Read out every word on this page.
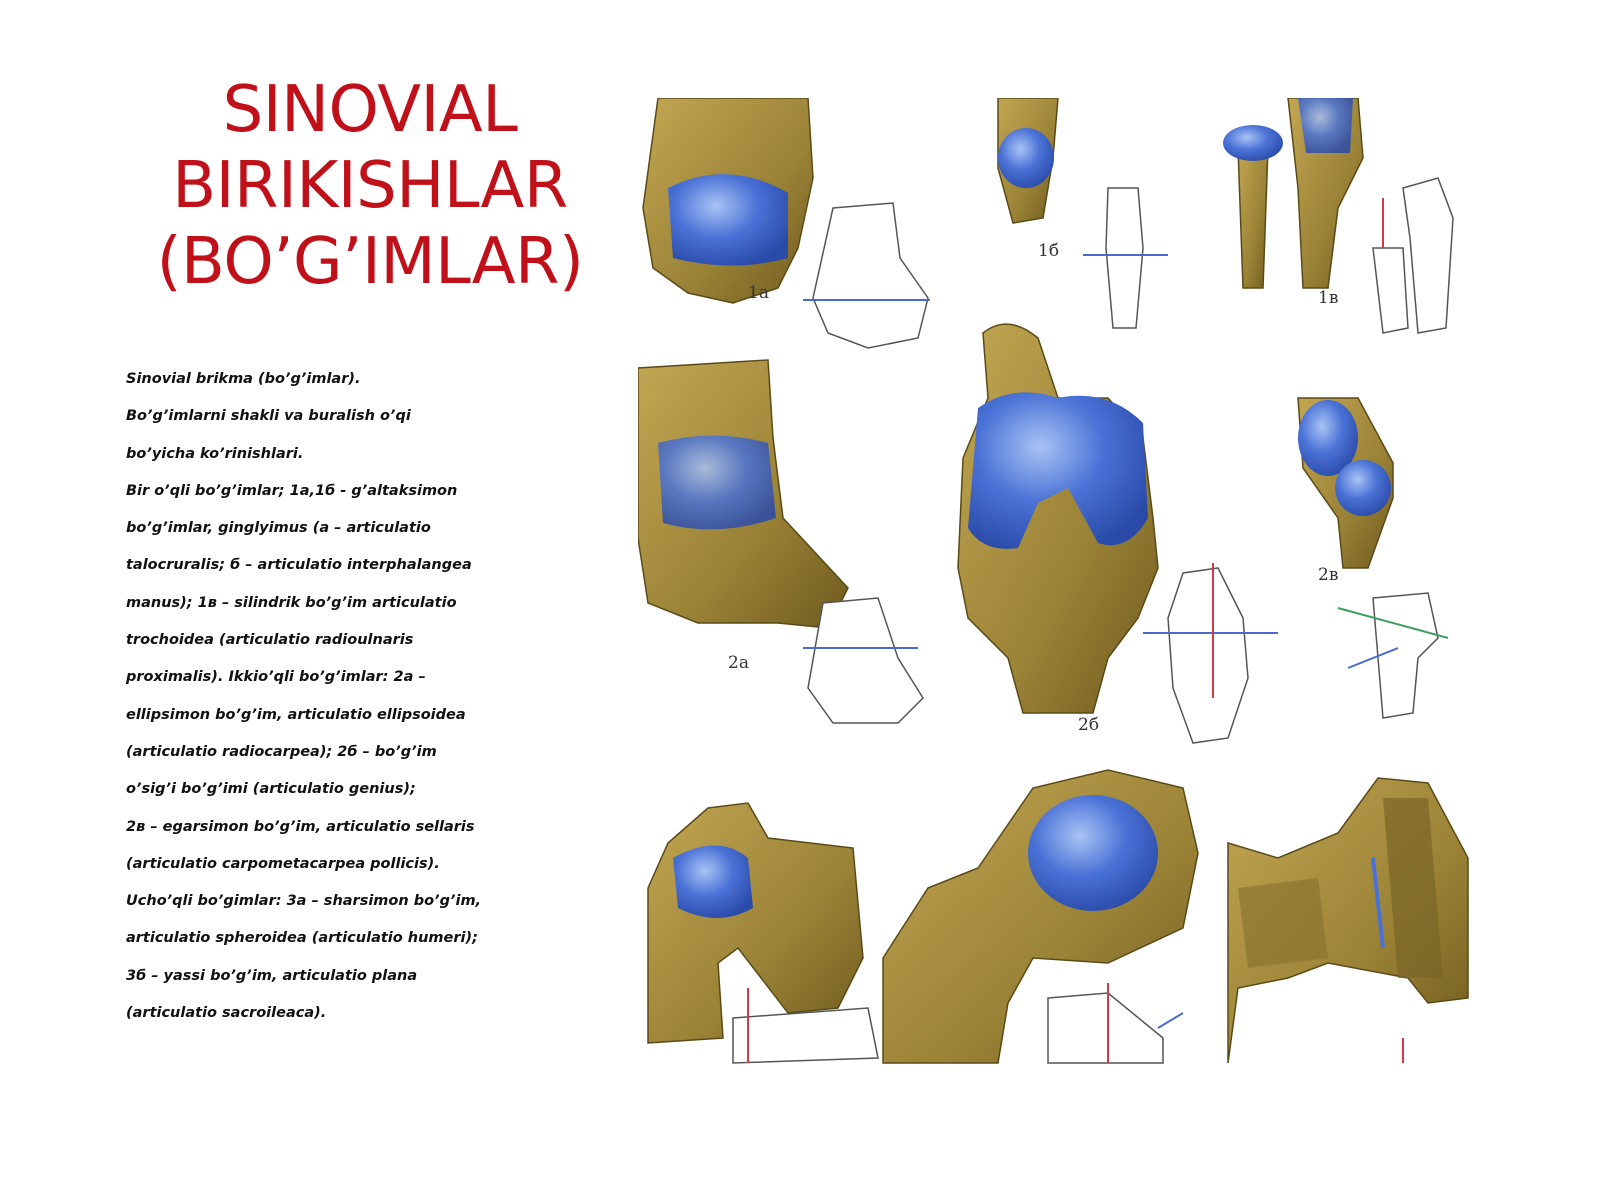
SINOVIAL
BIRIKISHLAR
(BO’G’IMLAR)
Sinovial brikma (bo’g’imlar).
Bo’g’imlarni shakli va buralish o’qi
bo’yicha ko’rinishlari.
Bir o’qli bo’g’imlar; 1a,1б - g’altaksimon
bo’g’imlar, ginglyimus (a – articulatio
talocruralis; б – articulatio interphalangea
manus); 1в – silindrik bo’g’im articulatio
trochoidea (articulatio radioulnaris
proximalis). Ikkio’qli bo’g’imlar: 2a –
ellipsimon bo’g’im, articulatio ellipsoidea
(articulatio radiocarpea); 2б – bo’g’im
o’sig’i bo’g’imi (articulatio genius);
2в – egarsimon bo’g’im, articulatio sellaris
(articulatio carpometacarpea pollicis).
Ucho’qli bo’gimlar: 3a – sharsimon bo’g’im,
articulatio spheroidea (articulatio humeri);
3б – yassi bo’g’im, articulatio plana
(articulatio sacroileaca).
1a
1б
1в
2a
2б
2в
